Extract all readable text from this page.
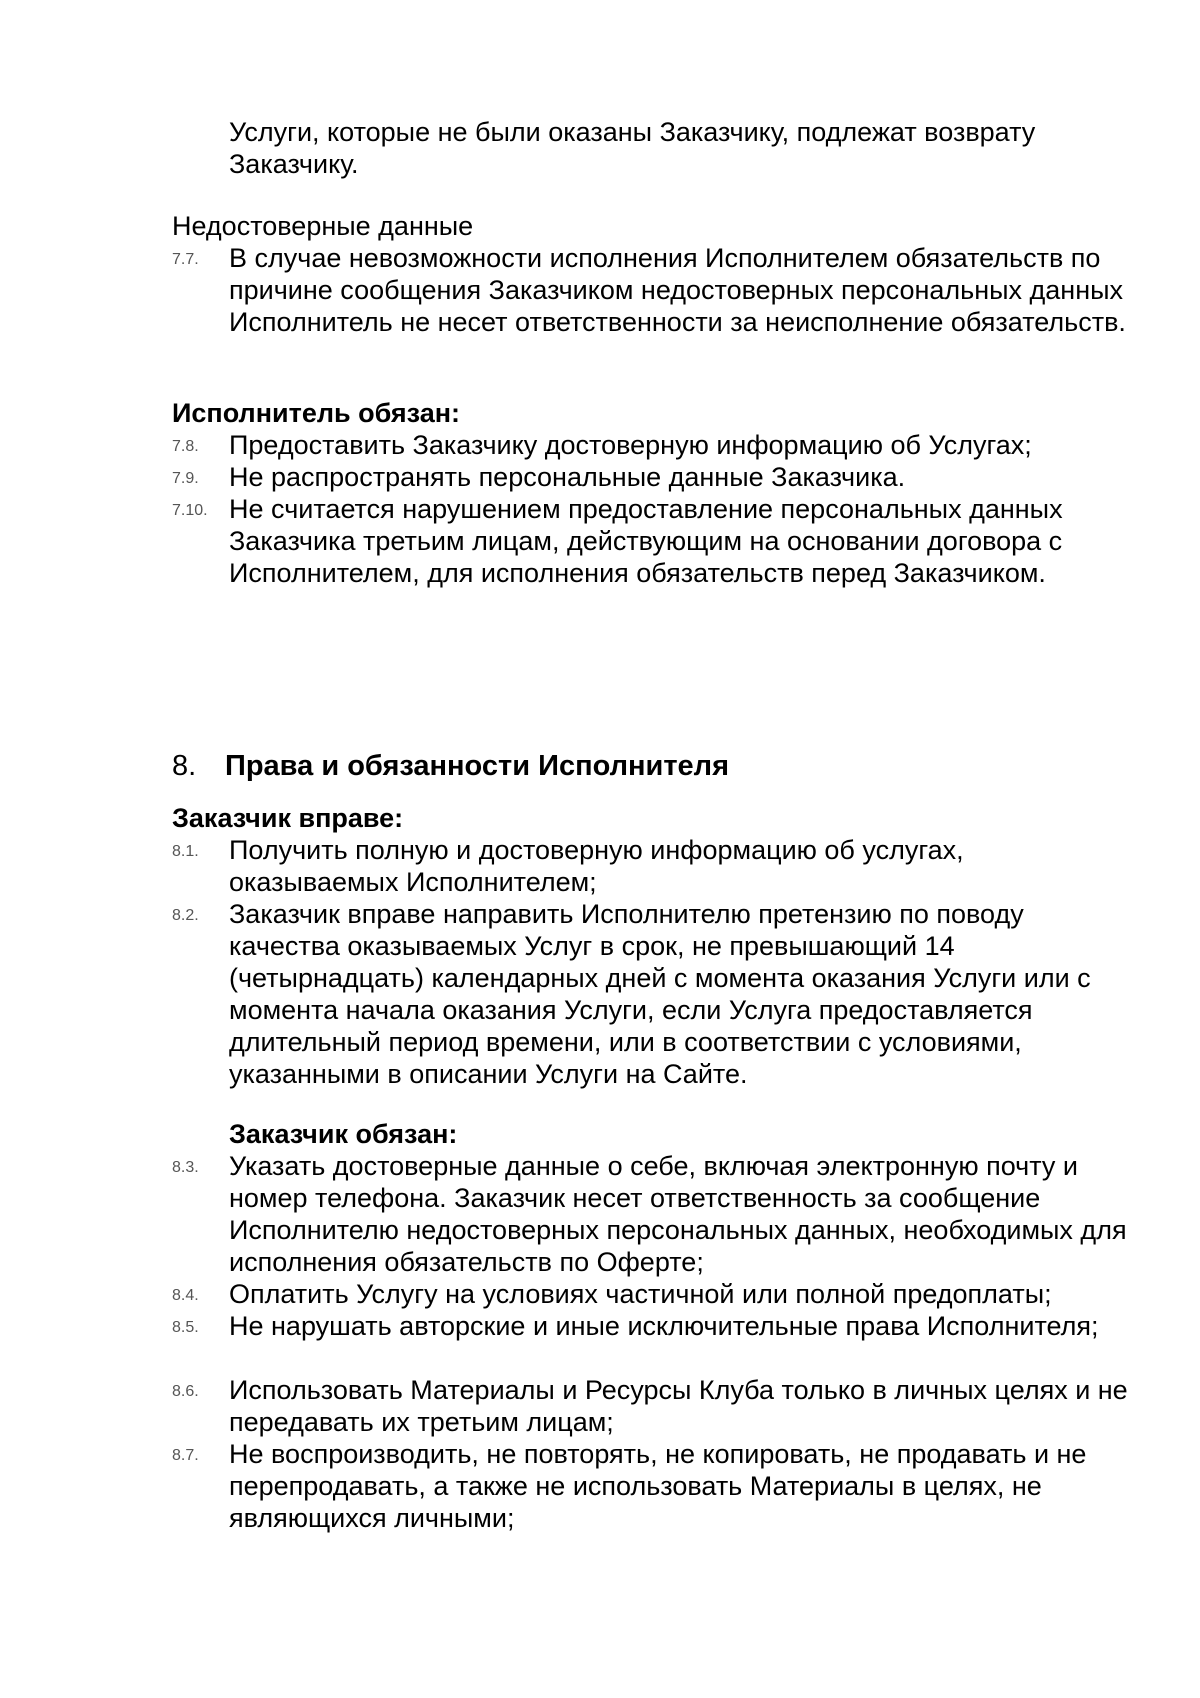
Услуги, которые не были оказаны Заказчику, подлежат возврату Заказчику.

Недостоверные данные

7.7. В случае невозможности исполнения Исполнителем обязательств по причине сообщения Заказчиком недостоверных персональных данных Исполнитель не несет ответственности за неисполнение обязательств.

Исполнитель обязан:

7.8. Предоставить Заказчику достоверную информацию об Услугах;
7.9. Не распространять персональные данные Заказчика.
7.10. Не считается нарушением предоставление персональных данных Заказчика третьим лицам, действующим на основании договора с Исполнителем, для исполнения обязательств перед Заказчиком.
8. Права и обязанности Исполнителя

Заказчик вправе:

8.1. Получить полную и достоверную информацию об услугах, оказываемых Исполнителем;
8.2. Заказчик вправе направить Исполнителю претензию по поводу качества оказываемых Услуг в срок, не превышающий 14 (четырнадцать) календарных дней с момента оказания Услуги или с момента начала оказания Услуги, если Услуга предоставляется длительный период времени, или в соответствии с условиями, указанными в описании Услуги на Сайте.

Заказчик обязан:

8.3. Указать достоверные данные о себе, включая электронную почту и номер телефона. Заказчик несет ответственность за сообщение Исполнителю недостоверных персональных данных, необходимых для исполнения обязательств по Оферте;
8.4. Оплатить Услугу на условиях частичной или полной предоплаты;
8.5. Не нарушать авторские и иные исключительные права Исполнителя;
8.6. Использовать Материалы и Ресурсы Клуба только в личных целях и не передавать их третьим лицам;
8.7. Не воспроизводить, не повторять, не копировать, не продавать и не перепродавать, а также не использовать Материалы в целях, не являющихся личными;
